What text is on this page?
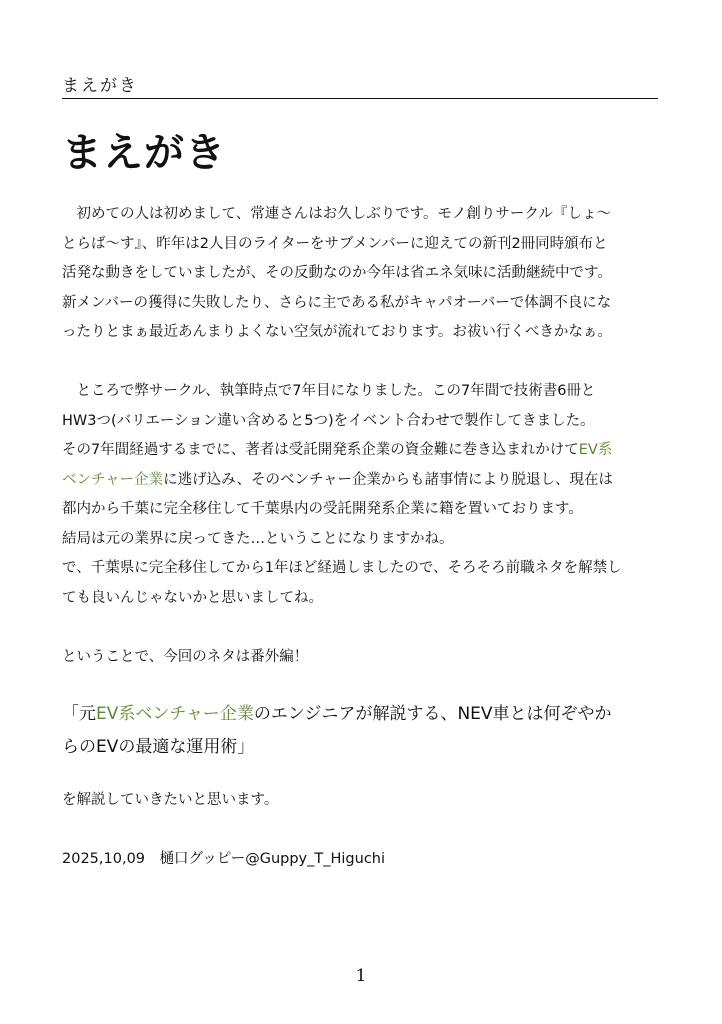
まえがき
まえがき
初めての人は初めまして、常連さんはお久しぶりです。モノ創りサークル『しょ〜
とらば〜す』、昨年は2人目のライターをサブメンバーに迎えての新刊2冊同時頒布と
活発な動きをしていましたが、その反動なのか今年は省エネ気味に活動継続中です。
新メンバーの獲得に失敗したり、さらに主である私がキャパオーバーで体調不良にな
ったりとまぁ最近あんまりよくない空気が流れております。お祓い行くべきかなぁ。
ところで弊サークル、執筆時点で7年目になりました。この7年間で技術書6冊と
HW3つ(バリエーション違い含めると5つ)をイベント合わせで製作してきました。
その7年間経過するまでに、著者は受託開発系企業の資金難に巻き込まれかけてEV系
ベンチャー企業に逃げ込み、そのベンチャー企業からも諸事情により脱退し、現在は
都内から千葉に完全移住して千葉県内の受託開発系企業に籍を置いております。
結局は元の業界に戻ってきた…ということになりますかね。
で、千葉県に完全移住してから1年ほど経過しましたので、そろそろ前職ネタを解禁し
ても良いんじゃないかと思いましてね。
ということで、今回のネタは番外編！
「元EV系ベンチャー企業のエンジニアが解説する、NEV車とは何ぞやか
らのEVの最適な運用術」
を解説していきたいと思います。
2025,10,09　樋口グッピー@Guppy_T_Higuchi
1
